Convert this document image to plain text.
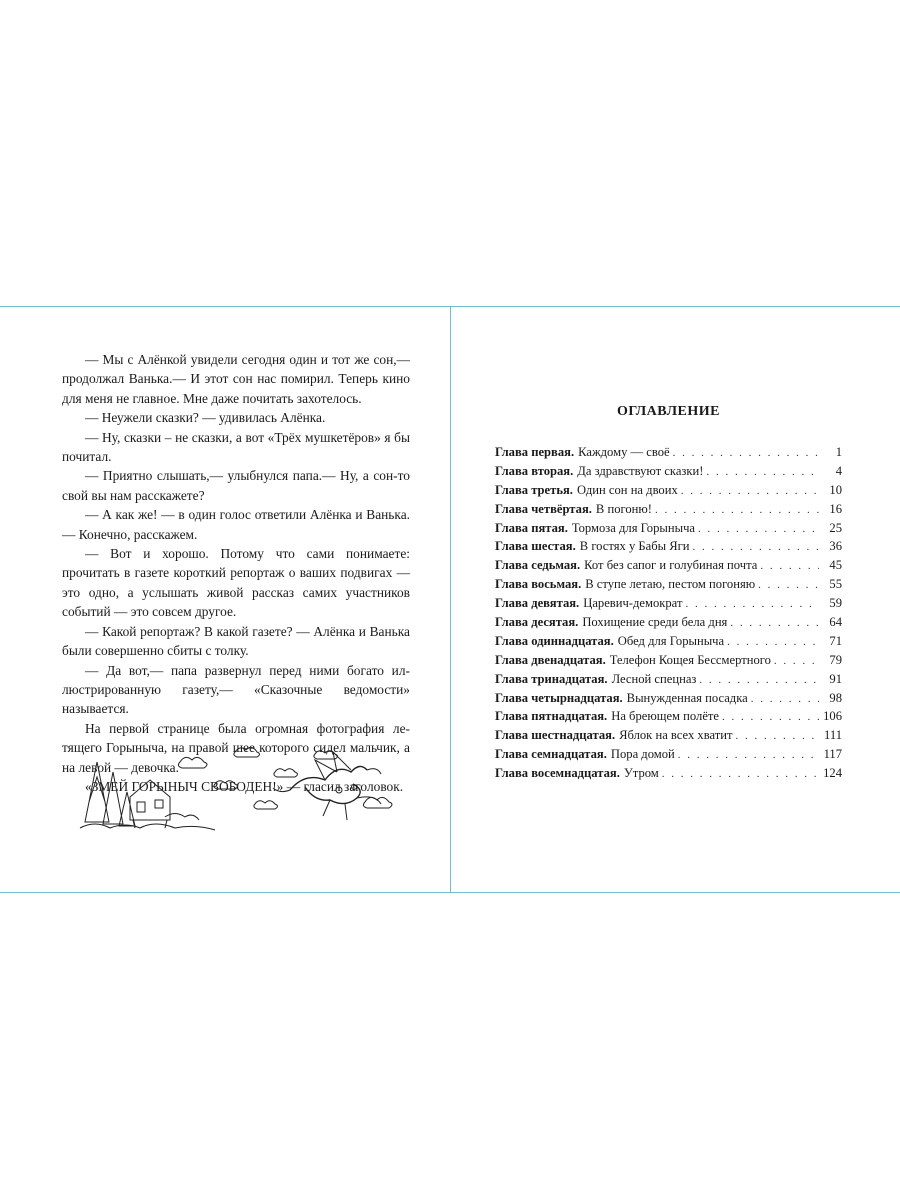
— Мы с Алёнкой увидели сегодня один и тот же сон,— продолжал Ванька.— И этот сон нас помирил. Теперь кино для меня не главное. Мне даже почитать захотелось.

— Неужели сказки? — удивилась Алёнка.

— Ну, сказки – не сказки, а вот «Трёх мушкетёров» я бы почитал.

— Приятно слышать,— улыбнулся папа.— Ну, а сон-то свой вы нам расскажете?

— А как же! — в один голос ответили Алёнка и Ванька.— Конечно, расскажем.

— Вот и хорошо. Потому что сами понимаете: прочитать в газете короткий репортаж о ваших подвигах — это одно, а услышать живой рассказ самих участников событий — это совсем другое.

— Какой репортаж? В какой газете? — Алёнка и Ванька были совершенно сбиты с толку.

— Да вот,— папа развернул перед ними богато иллюстрированную газету,— «Сказочные ведомости» называется.

На первой странице была огромная фотография летящего Горыныча, на правой шее которого сидел мальчик, а на левой — девочка.

«ЗМЕЙ ГОРЫНЫЧ СВОБОДЕН!» — гласил заголовок.

ОГЛАВЛЕНИЕ
Глава первая. Каждому — своё . . .	1
Глава вторая. Да здравствуют сказки! . . .	4
Глава третья. Один сон на двоих . . .	10
Глава четвёртая. В погоню! . . .	16
Глава пятая. Тормоза для Горыныча . . .	25
Глава шестая. В гостях у Бабы Яги . . .	36
Глава седьмая. Кот без сапог и голубиная почта . . .	45
Глава восьмая. В ступе летаю, пестом погоняю . . .	55
Глава девятая. Царевич-демократ . . .	59
Глава десятая. Похищение среди бела дня . . .	64
Глава одиннадцатая. Обед для Горыныча . . .	71
Глава двенадцатая. Телефон Кощея Бессмертного . . .	79
Глава тринадцатая. Лесной спецназ . . .	91
Глава четырнадцатая. Вынужденная посадка . . .	98
Глава пятнадцатая. На бреющем полёте . . .	106
Глава шестнадцатая. Яблок на всех хватит . . .	111
Глава семнадцатая. Пора домой . . .	117
Глава восемнадцатая. Утром . . .	124
